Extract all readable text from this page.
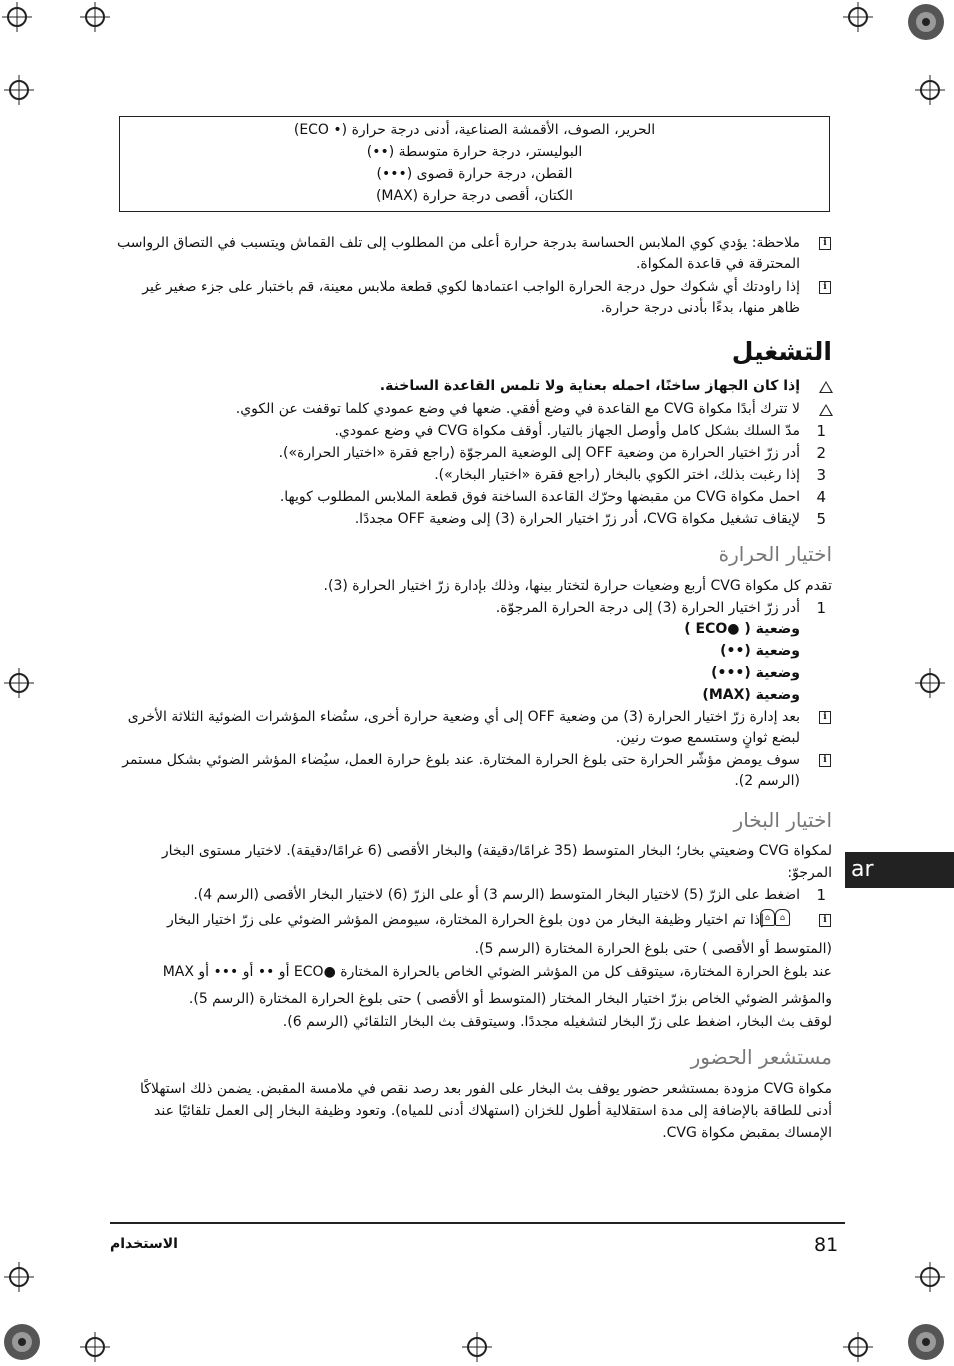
الحرير، الصوف، الأقمشة الصناعية، أدنى درجة حرارة (• ECO)
البوليستر، درجة حرارة متوسطة (••)
القطن، درجة حرارة قصوى (•••)
الكتان، أقصى درجة حرارة (MAX)
i
ملاحظة: يؤدي كوي الملابس الحساسة بدرجة حرارة أعلى من المطلوب إلى تلف القماش ويتسبب في التصاق الرواسب المحترقة في قاعدة المكواة.
i
إذا راودتك أي شكوك حول درجة الحرارة الواجب اعتمادها لكوي قطعة ملابس معينة، قم باختبار على جزء صغير غير ظاهر منها، بدءًا بأدنى درجة حرارة.
التشغيل
إذا كان الجهاز ساخنًا، احمله بعناية ولا تلمس القاعدة الساخنة.
لا تترك أبدًا مكواة CVG مع القاعدة في وضع أفقي. ضعها في وضع عمودي كلما توقفت عن الكوي.
1
مدّ السلك بشكل كامل وأوصل الجهاز بالتيار. أوقف مكواة CVG في وضع عمودي.
2
أدر زرّ اختيار الحرارة من وضعية OFF إلى الوضعية المرجوّة (راجع فقرة «اختيار الحرارة»).
3
إذا رغبت بذلك، اختر الكوي بالبخار (راجع فقرة «اختيار البخار»).
4
احمل مكواة CVG من مقبضها وحرّك القاعدة الساخنة فوق قطعة الملابس المطلوب كويها.
5
لإيقاف تشغيل مكواة CVG، أدر زرّ اختيار الحرارة (3) إلى وضعية OFF مجددًا.
اختيار الحرارة
تقدم كل مكواة CVG أربع وضعيات حرارة لتختار بينها، وذلك بإدارة زرّ اختيار الحرارة (3).
1
أدر زرّ اختيار الحرارة (3) إلى درجة الحرارة المرجوّة.
وضعية ( ●ECO )
وضعية (••)
وضعية (•••)
وضعية (MAX)
i
بعد إدارة زرّ اختيار الحرارة (3) من وضعية OFF إلى أي وضعية حرارة أخرى، ستُضاء المؤشرات الضوئية الثلاثة الأخرى لبضع ثوانٍ وستسمع صوت رنين.
i
سوف يومض مؤشّر الحرارة حتى بلوغ الحرارة المختارة. عند بلوغ حرارة العمل، سيُضاء المؤشر الضوئي بشكل مستمر (الرسم 2).
اختيار البخار
لمكواة CVG وضعيتي بخار؛ البخار المتوسط (35 غرامًا/دقيقة) والبخار الأقصى (6 غرامًا/دقيقة). لاختيار مستوى البخار المرجوّ:
1
اضغط على الزرّ (5) لاختيار البخار المتوسط (الرسم 3) أو على الزرّ (6) لاختيار البخار الأقصى (الرسم 4).
i
⌂ ⌂
إذا تم اختيار وظيفة البخار من دون بلوغ الحرارة المختارة، سيومض المؤشر الضوئي على زرّ اختيار البخار
(المتوسط أو الأقصى ) حتى بلوغ الحرارة المختارة (الرسم 5).
عند بلوغ الحرارة المختارة، سيتوقف كل من المؤشر الضوئي الخاص بالحرارة المختارة ●ECO أو •• أو ••• أو MAX
والمؤشر الضوئي الخاص بزرّ اختيار البخار المختار (المتوسط أو الأقصى ) حتى بلوغ الحرارة المختارة (الرسم 5).
لوقف بث البخار، اضغط على زرّ البخار لتشغيله مجددًا. وسيتوقف بث البخار التلقائي (الرسم 6).
مستشعر الحضور
مكواة CVG مزودة بمستشعر حضور يوقف بث البخار على الفور بعد رصد نقص في ملامسة المقبض. يضمن ذلك استهلاكًا أدنى للطاقة بالإضافة إلى مدة استقلالية أطول للخزان (استهلاك أدنى للمياه). وتعود وظيفة البخار إلى العمل تلقائيًا عند الإمساك بمقبض مكواة CVG.
ar
81
الاستخدام
